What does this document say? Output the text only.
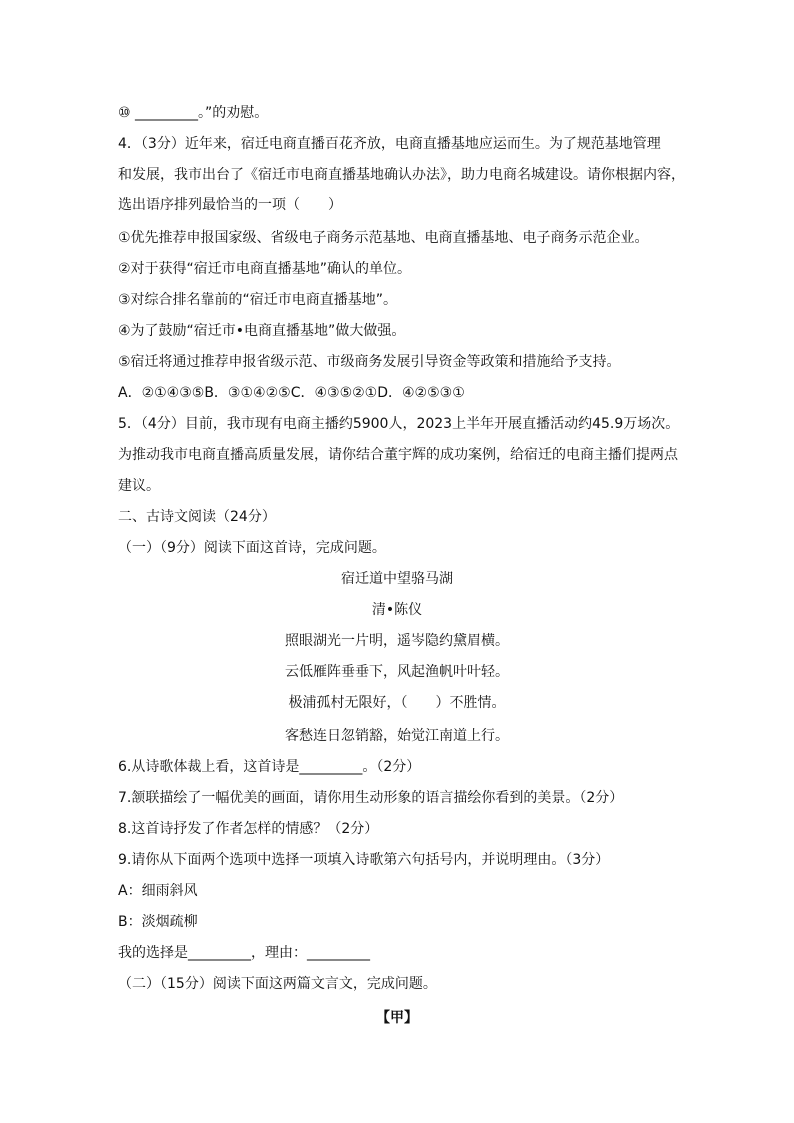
⑩ _________。”的劝慰。
4．（3分）近年来，宿迁电商直播百花齐放，电商直播基地应运而生。为了规范基地管理
和发展，我市出台了《宿迁市电商直播基地确认办法》，助力电商名城建设。请你根据内容，
选出语序排列最恰当的一项（　　）
①优先推荐申报国家级、省级电子商务示范基地、电商直播基地、电子商务示范企业。
②对于获得“宿迁市电商直播基地”确认的单位。
③对综合排名靠前的“宿迁市电商直播基地”。
④为了鼓励“宿迁市•电商直播基地”做大做强。
⑤宿迁将通过推荐申报省级示范、市级商务发展引导资金等政策和措施给予支持。
A．②①④③⑤B．③①④②⑤C．④③⑤②①D．④②⑤③①
5．（4分）目前，我市现有电商主播约5900人，2023上半年开展直播活动约45.9万场次。
为推动我市电商直播高质量发展，请你结合董宇辉的成功案例，给宿迁的电商主播们提两点
建议。
二、古诗文阅读（24分）
（一）（9分）阅读下面这首诗，完成问题。
宿迁道中望骆马湖
清•陈仪
照眼湖光一片明，遥岑隐约黛眉横。
云低雁阵垂垂下，风起渔帆叶叶轻。
极浦孤村无限好，（　　）不胜情。
客愁连日忽销豁，始觉江南道上行。
6.从诗歌体裁上看，这首诗是_________。（2分）
7.颔联描绘了一幅优美的画面，请你用生动形象的语言描绘你看到的美景。（2分）
8.这首诗抒发了作者怎样的情感？（2分）
9.请你从下面两个选项中选择一项填入诗歌第六句括号内，并说明理由。（3分）
A：细雨斜风
B：淡烟疏柳
我的选择是_________，理由：_________
（二）（15分）阅读下面这两篇文言文，完成问题。
【甲】
